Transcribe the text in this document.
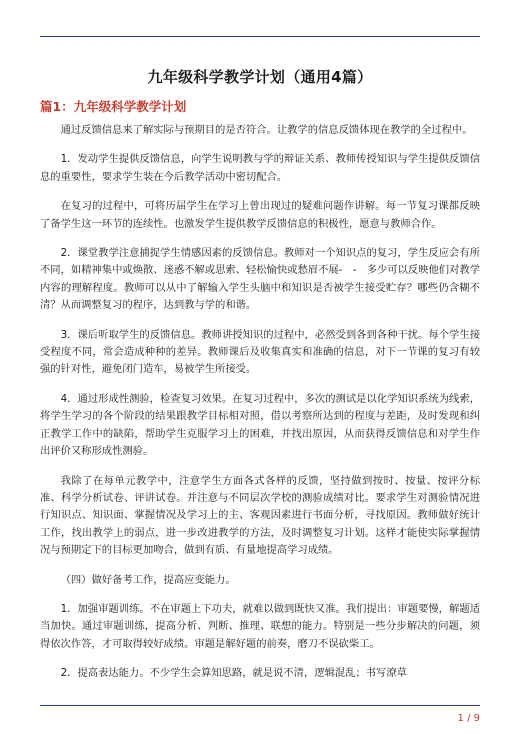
九年级科学教学计划（通用4篇）
篇1：九年级科学教学计划

通过反馈信息来了解实际与预期目的是否符合。让教学的信息反馈体现在教学的全过程中。

1．发动学生提供反馈信息，向学生说明教与学的辩证关系、教师传授知识与学生提供反馈信息的重要性，要求学生装在今后教学活动中密切配合。

在复习的过程中，可将历届学生在学习上曾出现过的疑难问题作讲解。每一节复习课都反映了备学生这一环节的连续性。也激发学生提供教学反馈信息的积极性，愿意与教师合作。

2．课堂教学注意捕捉学生情感因素的反馈信息。教师对一个知识点的复习，学生反应会有所不同，如精神集中或焕散、迷惑不解或思索、轻松愉快或愁眉不展-　-　多少可以反映他们对教学内容的理解程度。教师可以从中了解输入学生头脑中和知识是否被学生接受贮存？哪些仍含糊不清？从而调整复习的程序，达到教与学的和谐。

3．课后听取学生的反馈信息。教师讲授知识的过程中，必然受到各到各种干扰。每个学生接受程度不同，常会造成种种的差异。教师课后及收集真实和准确的信息，对下一节课的复习有较强的针对性，避免闭门造车，易被学生所接受。

4．通过形成性测验，检查复习效果。在复习过程中，多次的测试是以化学知识系统为线索，将学生学习的各个阶段的结果跟教学目标相对照，借以考察所达到的程度与差距，及时发现和纠正教学工作中的缺陷，帮助学生克服学习上的困难，并找出原因，从而获得反馈信息和对学生作出评价又称形成性测验。

我除了在每单元教学中，注意学生方面各式各样的反馈，坚持做到按时、按量、按评分标准、科学分析试卷、评讲试卷。并注意与不同层次学校的测验成绩对比。要求学生对测验情况进行知识点、知识面、掌握情况及学习上的主、客观因素进行书面分析，寻找原因。教师做好统计工作，找出教学上的弱点，进一步改进教学的方法，及时调整复习计划。这样才能使实际掌握情况与预期定下的目标更加吻合，做到有质、有量地提高学习成绩。

（四）做好备考工作，提高应变能力。

1．加强审题训练。不在审题上下功夫，就难以做到既快又准。我们提出：审题要慢，解题适当加快。通过审题训练，提高分析、判断、推理、联想的能力。特别是一些分步解决的问题，须得依次作答，才可取得较好成绩。审题是解好题的前奏，磨刀不误砍柴工。

2．提高表达能力。不少学生会算知思路，就是说不清，逻辑混乱；书写潦草

1 / 9
